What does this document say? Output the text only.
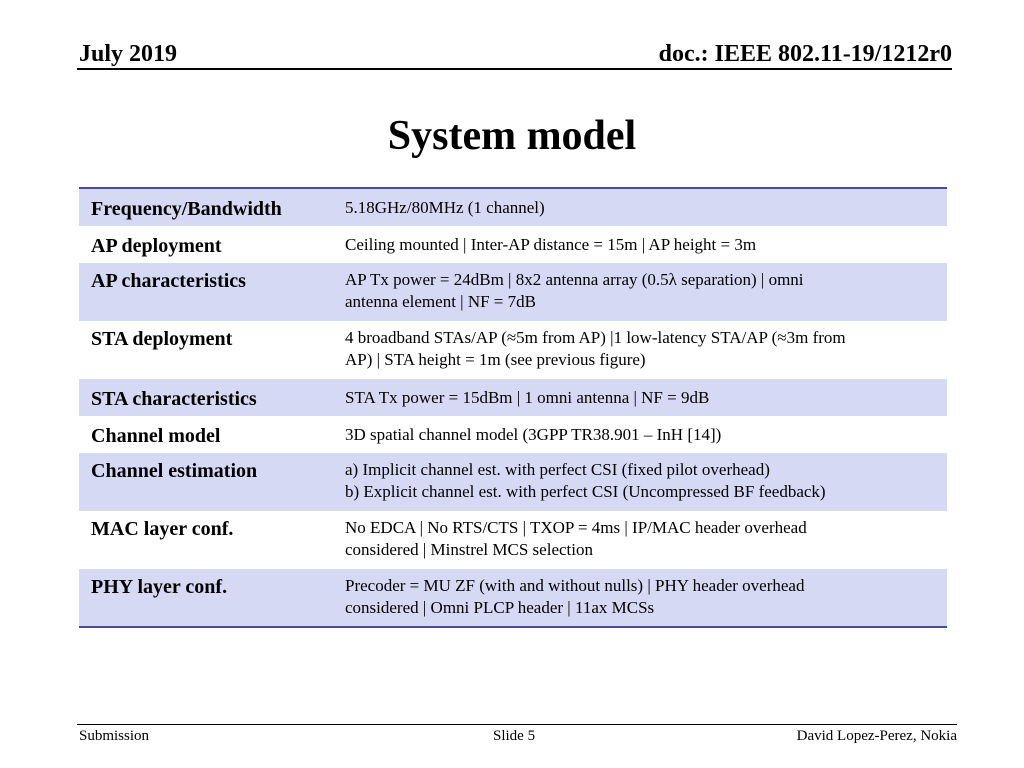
July 2019	doc.: IEEE 802.11-19/1212r0
System model
Frequency/Bandwidth	5.18GHz/80MHz (1 channel)

AP deployment	Ceiling mounted | Inter-AP distance = 15m | AP height = 3m

AP characteristics	AP Tx power = 24dBm | 8x2 antenna array (0.5λ separation) | omni
antenna element | NF = 7dB

STA deployment	4 broadband STAs/AP (≈5m from AP) |1 low-latency STA/AP (≈3m from
AP) | STA height = 1m (see previous figure)

STA characteristics	STA Tx power = 15dBm | 1 omni antenna | NF = 9dB

Channel model	3D spatial channel model (3GPP TR38.901 – InH [14])

Channel estimation	a) Implicit channel est. with perfect CSI (fixed pilot overhead)
b) Explicit channel est. with perfect CSI (Uncompressed BF feedback)

MAC layer conf.	No EDCA | No RTS/CTS | TXOP = 4ms | IP/MAC header overhead
considered | Minstrel MCS selection

PHY layer conf.	Precoder = MU ZF (with and without nulls) | PHY header overhead
considered | Omni PLCP header | 11ax MCSs
Submission	Slide 5	David Lopez-Perez, Nokia
